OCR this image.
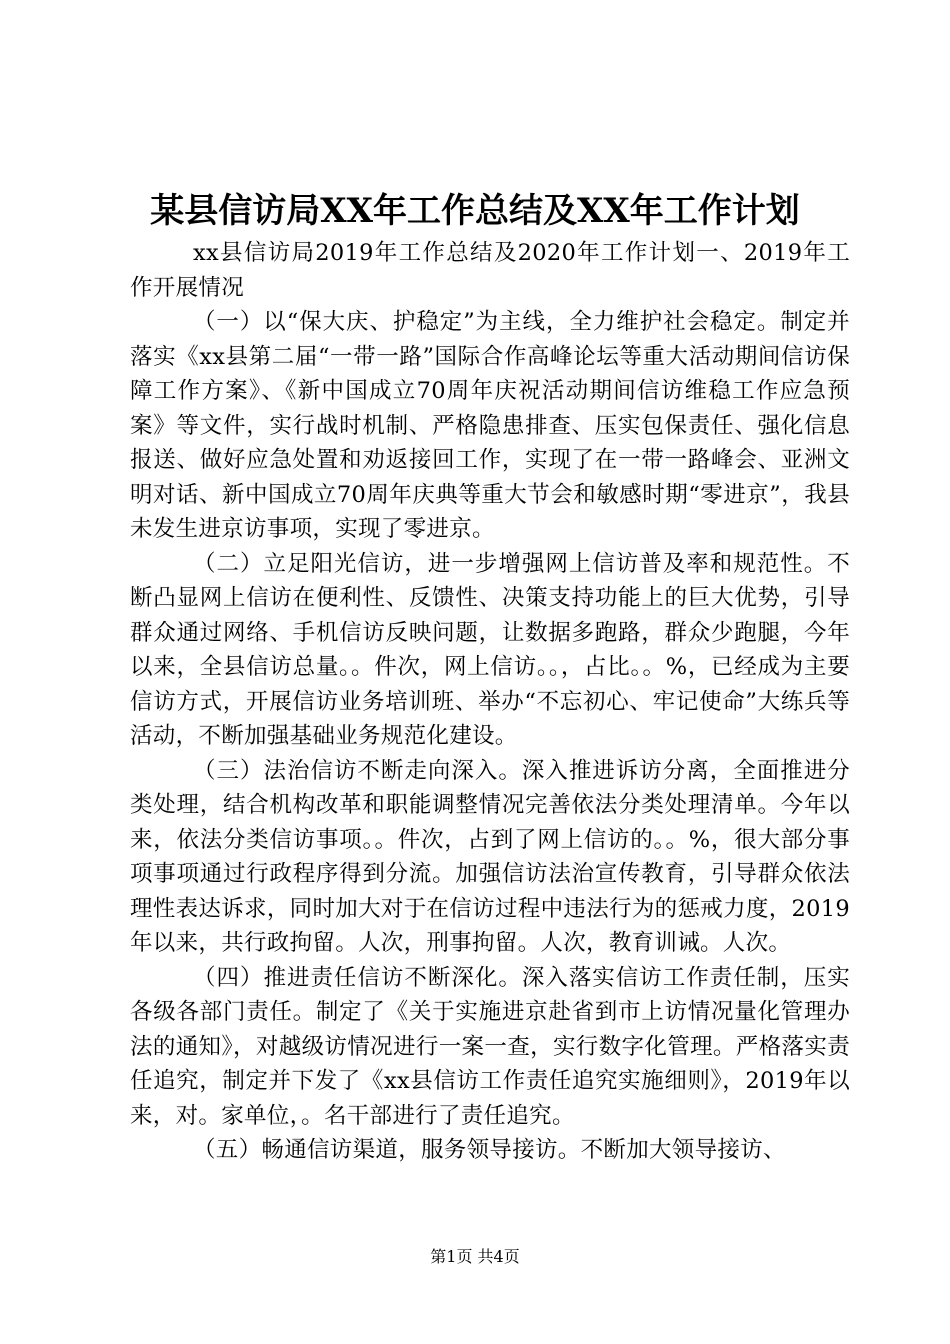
某县信访局XX年工作总结及XX年工作计划

xx县信访局2019年工作总结及2020年工作计划一、2019年工作开展情况

（一）以“保大庆、护稳定”为主线，全力维护社会稳定。制定并落实《xx县第二届“一带一路”国际合作高峰论坛等重大活动期间信访保障工作方案》、《新中国成立70周年庆祝活动期间信访维稳工作应急预案》等文件，实行战时机制、严格隐患排查、压实包保责任、强化信息报送、做好应急处置和劝返接回工作，实现了在一带一路峰会、亚洲文明对话、新中国成立70周年庆典等重大节会和敏感时期“零进京”，我县未发生进京访事项，实现了零进京。

（二）立足阳光信访，进一步增强网上信访普及率和规范性。不断凸显网上信访在便利性、反馈性、决策支持功能上的巨大优势，引导群众通过网络、手机信访反映问题，让数据多跑路，群众少跑腿，今年以来，全县信访总量。。件次，网上信访。。，占比。。%，已经成为主要信访方式，开展信访业务培训班、举办“不忘初心、牢记使命”大练兵等活动，不断加强基础业务规范化建设。

（三）法治信访不断走向深入。深入推进诉访分离，全面推进分类处理，结合机构改革和职能调整情况完善依法分类处理清单。今年以来，依法分类信访事项。。件次，占到了网上信访的。。%，很大部分事项事项通过行政程序得到分流。加强信访法治宣传教育，引导群众依法理性表达诉求，同时加大对于在信访过程中违法行为的惩戒力度，2019年以来，共行政拘留。人次，刑事拘留。人次，教育训诫。人次。

（四）推进责任信访不断深化。深入落实信访工作责任制，压实各级各部门责任。制定了《关于实施进京赴省到市上访情况量化管理办法的通知》，对越级访情况进行一案一查，实行数字化管理。严格落实责任追究，制定并下发了《xx县信访工作责任追究实施细则》，2019年以来，对。家单位，。名干部进行了责任追究。

（五）畅通信访渠道，服务领导接访。不断加大领导接访、

第1页 共4页
